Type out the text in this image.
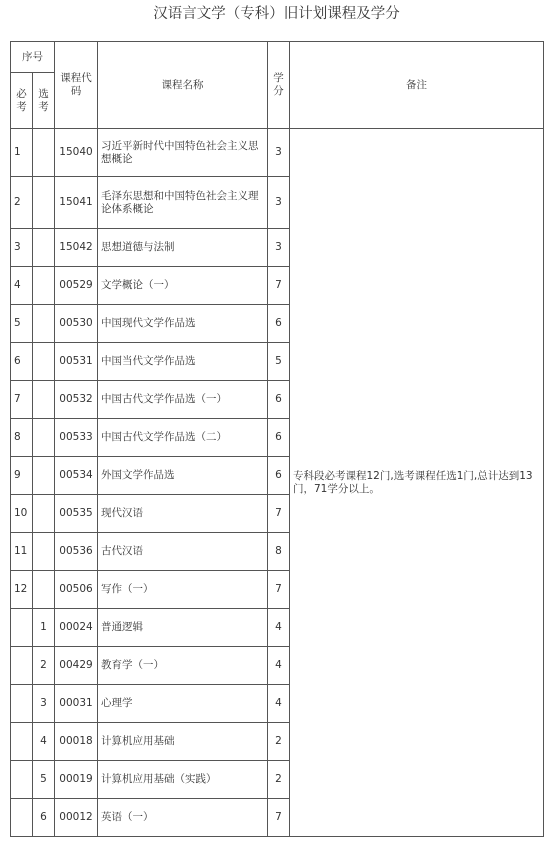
汉语言文学（专科）旧计划课程及学分
序号		课程代码	课程名称	学分	备注

必考	选考				

1		15040	习近平新时代中国特色社会主义思想概论	3	专科段必考课程12门,选考课程任选1门,总计达到13门，71学分以上。
2		15041	毛泽东思想和中国特色社会主义理论体系概论	3	
3		15042	思想道德与法制	3	
4		00529	文学概论（一）	7	
5		00530	中国现代文学作品选	6	
6		00531	中国当代文学作品选	5	
7		00532	中国古代文学作品选（一）	6	
8		00533	中国古代文学作品选（二）	6	
9		00534	外国文学作品选	6	
10		00535	现代汉语	7	
11		00536	古代汉语	8	
12		00506	写作（一）	7	
	1	00024	普通逻辑	4	
	2	00429	教育学（一）	4	
	3	00031	心理学	4	
	4	00018	计算机应用基础	2	
	5	00019	计算机应用基础（实践）	2	
	6	00012	英语（一）	7	
